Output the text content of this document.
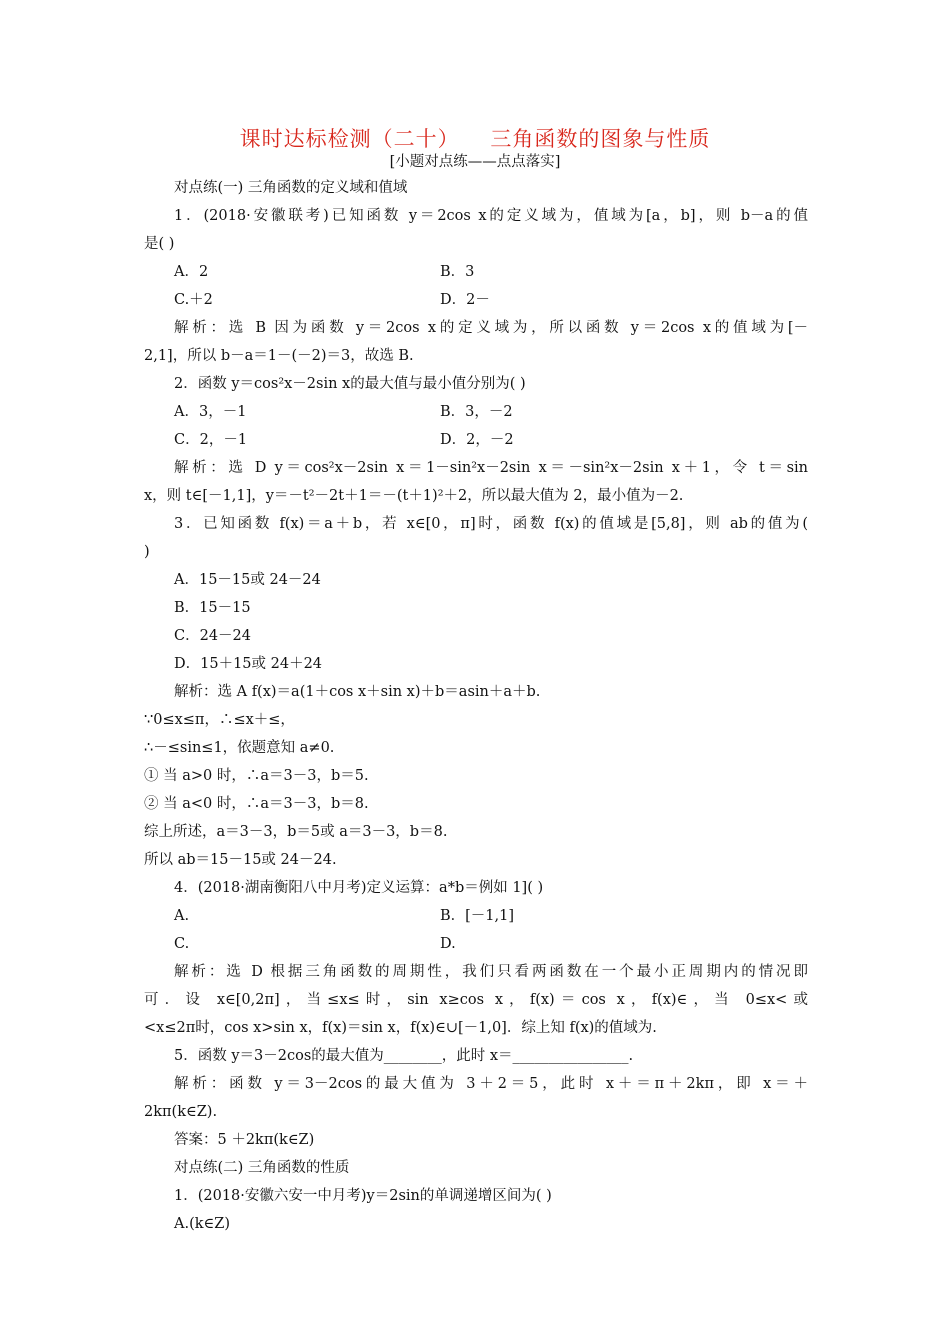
课时达标检测（二十）    三角函数的图象与性质
[小题对点练——点点落实]
对点练(一) 三角函数的定义域和值域
1．(2018·安徽联考)已知函数 y＝2cos x的定义域为，值域为[a，b]，则 b－a的值
是( )
A．2	B．3
C.＋2	D．2－
解析：选 B 因为函数 y＝2cos x的定义域为，所以函数 y＝2cos x的值域为[－
2,1]，所以 b－a＝1－(－2)＝3，故选 B.
2．函数 y＝cos²x－2sin x的最大值与最小值分别为( )
A．3，－1	B．3，－2
C．2，－1	D．2，－2
解析：选 D y＝cos²x－2sin x＝1－sin²x－2sin x＝－sin²x－2sin x＋1，令 t＝sin
x，则 t∈[－1,1]，y＝－t²－2t＋1＝－(t＋1)²＋2，所以最大值为 2，最小值为－2.
3．已知函数 f(x)＝a＋b，若 x∈[0，π]时，函数 f(x)的值域是[5,8]，则 ab的值为(
)
A．15－15或 24－24
B．15－15
C．24－24
D．15＋15或 24＋24
解析：选 A f(x)＝a(1＋cos x＋sin x)＋b＝asin＋a＋b.
∵0≤x≤π，∴≤x＋≤，
∴－≤sin≤1，依题意知 a≠0.
① 当 a>0 时，∴a＝3－3，b＝5.
② 当 a<0 时，∴a＝3－3，b＝8.
综上所述，a＝3－3，b＝5或 a＝3－3，b＝8.
所以 ab＝15－15或 24－24.
4．(2018·湖南衡阳八中月考)定义运算：a*b＝例如 1]( )
A.	B．[－1,1]
C.	D.
解析：选 D 根据三角函数的周期性，我们只看两函数在一个最小正周期内的情况即
可．设 x∈[0,2π]，当≤x≤时，sin x≥cos x，f(x)＝cos x，f(x)∈，当 0≤x<或
<x≤2π时，cos x>sin x，f(x)＝sin x，f(x)∈∪[－1,0]．综上知 f(x)的值域为.
5．函数 y＝3－2cos的最大值为________，此时 x＝________________.
解析：函数 y＝3－2cos的最大值为 3＋2＝5，此时 x＋＝π＋2kπ，即 x＝＋
2kπ(k∈Z).
答案：5 ＋2kπ(k∈Z)
对点练(二) 三角函数的性质
1．(2018·安徽六安一中月考)y＝2sin的单调递增区间为( )
A.(k∈Z)
